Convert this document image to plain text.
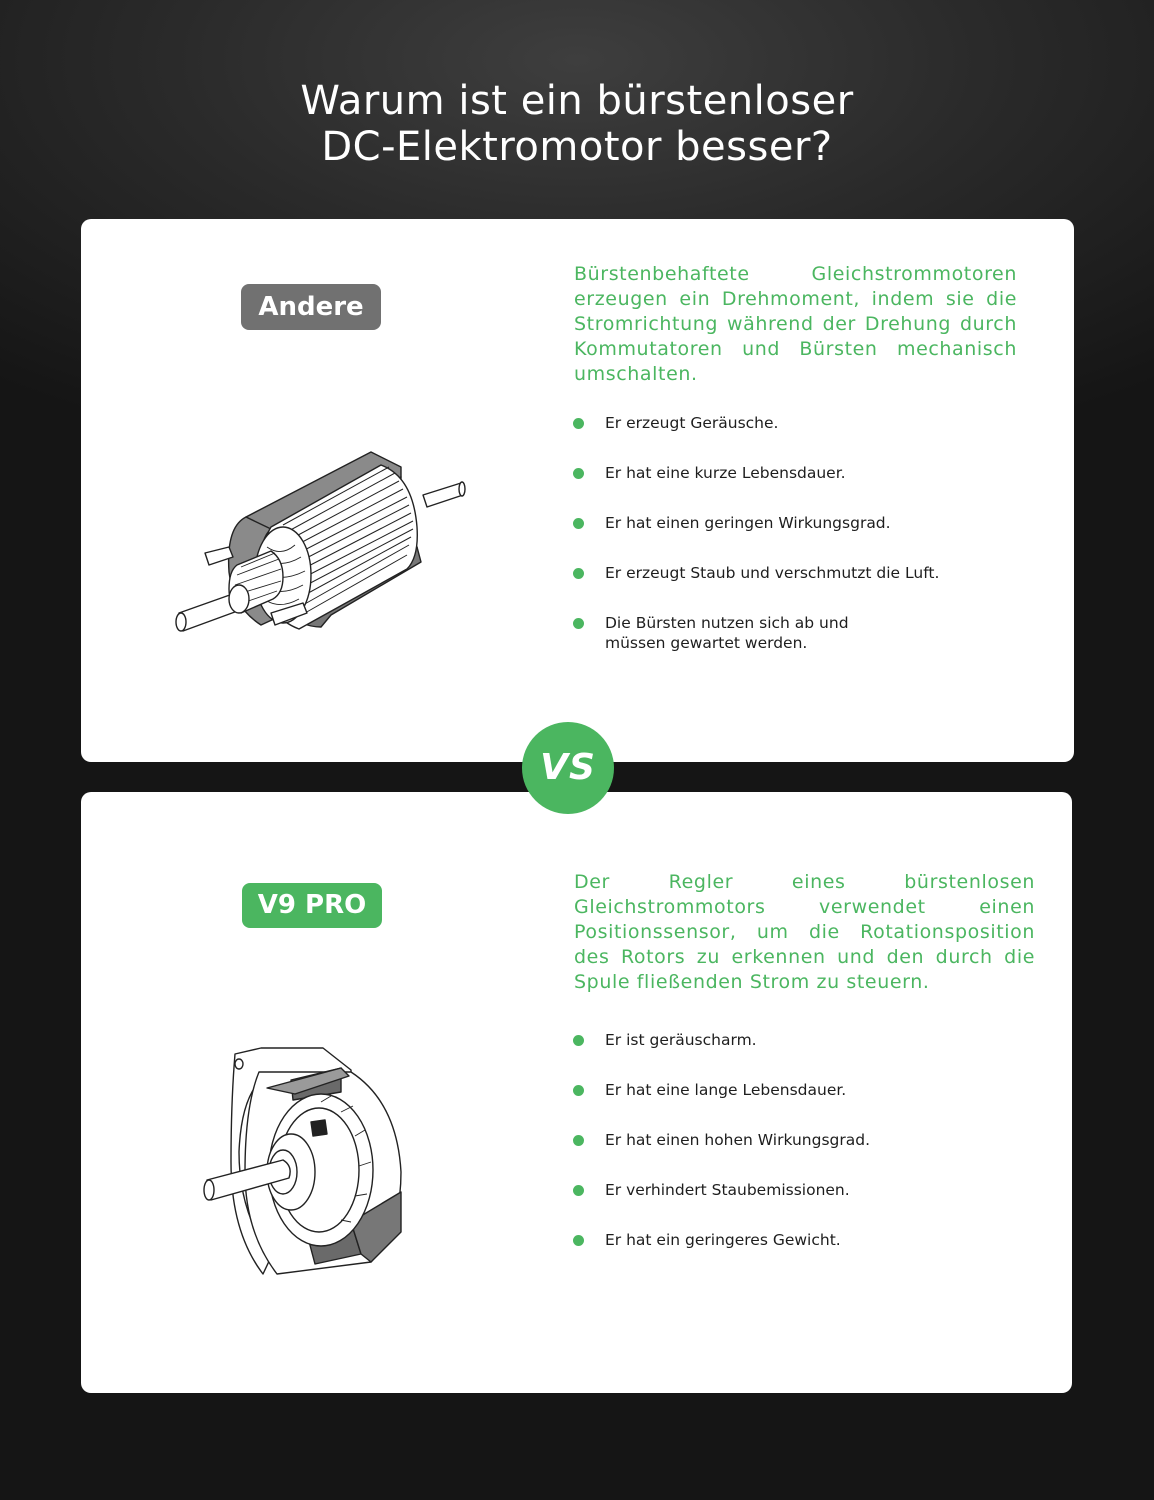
Warum ist ein bürstenloser
DC-Elektromotor besser?
Andere
Bürstenbehaftete Gleichstrommotoren erzeugen ein Drehmoment, indem sie die Stromrichtung während der Drehung durch Kommutatoren und Bürsten mechanisch umschalten.
Er erzeugt Geräusche.
Er hat eine kurze Lebensdauer.
Er hat einen geringen Wirkungsgrad.
Er erzeugt Staub und verschmutzt die Luft.
Die Bürsten nutzen sich ab und müssen gewartet werden.
VS
V9 PRO
Der Regler eines bürstenlosen Gleichstrommotors verwendet einen Positionssensor, um die Rotationsposition des Rotors zu erkennen und den durch die Spule fließenden Strom zu steuern.
Er ist geräuscharm.
Er hat eine lange Lebensdauer.
Er hat einen hohen Wirkungsgrad.
Er verhindert Staubemissionen.
Er hat ein geringeres Gewicht.
